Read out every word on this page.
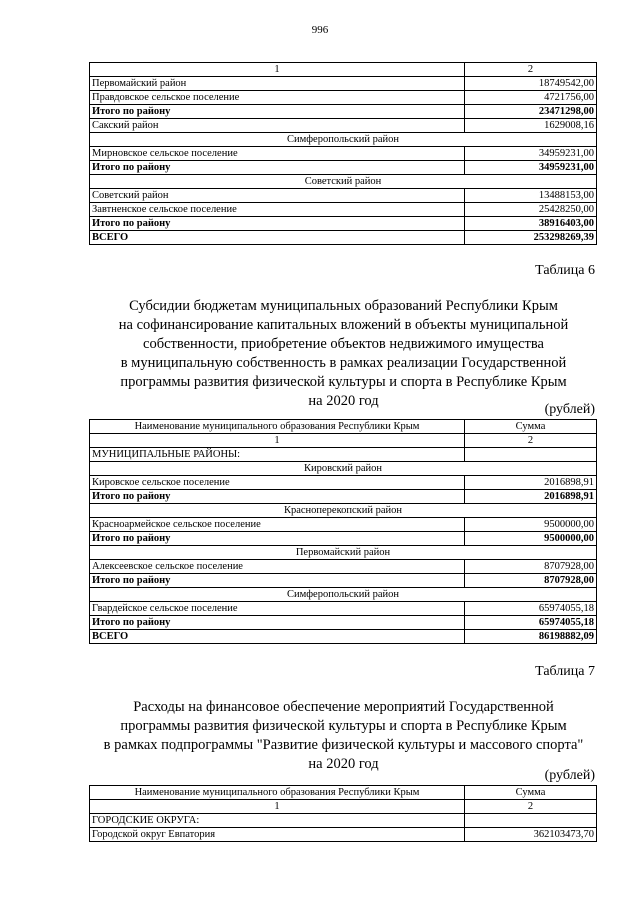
996
1	2
Первомайский район	18749542,00
Правдовское сельское поселение	4721756,00
Итого по району	23471298,00
Сакский район	1629008,16
Симферопольский район	
Мирновское сельское поселение	34959231,00
Итого по району	34959231,00
Советский район	
Советский район	13488153,00
Завтненское сельское поселение	25428250,00
Итого по району	38916403,00
ВСЕГО	253298269,39
Таблица 6
Субсидии бюджетам муниципальных образований Республики Крым
на софинансирование капитальных вложений в объекты муниципальной
собственности, приобретение объектов недвижимого имущества
в муниципальную собственность в рамках реализации Государственной
программы развития физической культуры и спорта в Республике Крым
на 2020 год
(рублей)
Наименование муниципального образования Республики Крым	Сумма
1	2
МУНИЦИПАЛЬНЫЕ РАЙОНЫ:	
Кировский район	
Кировское сельское поселение	2016898,91
Итого по району	2016898,91
Красноперекопский район	
Красноармейское сельское поселение	9500000,00
Итого по району	9500000,00
Первомайский район	
Алексеевское сельское поселение	8707928,00
Итого по району	8707928,00
Симферопольский район	
Гвардейское сельское поселение	65974055,18
Итого по району	65974055,18
ВСЕГО	86198882,09
Таблица 7
Расходы на финансовое обеспечение мероприятий Государственной
программы развития физической культуры и спорта в Республике Крым
в рамках подпрограммы "Развитие физической культуры и массового спорта"
на 2020 год
(рублей)
Наименование муниципального образования Республики Крым	Сумма
1	2
ГОРОДСКИЕ ОКРУГА:	
Городской округ Евпатория	362103473,70
